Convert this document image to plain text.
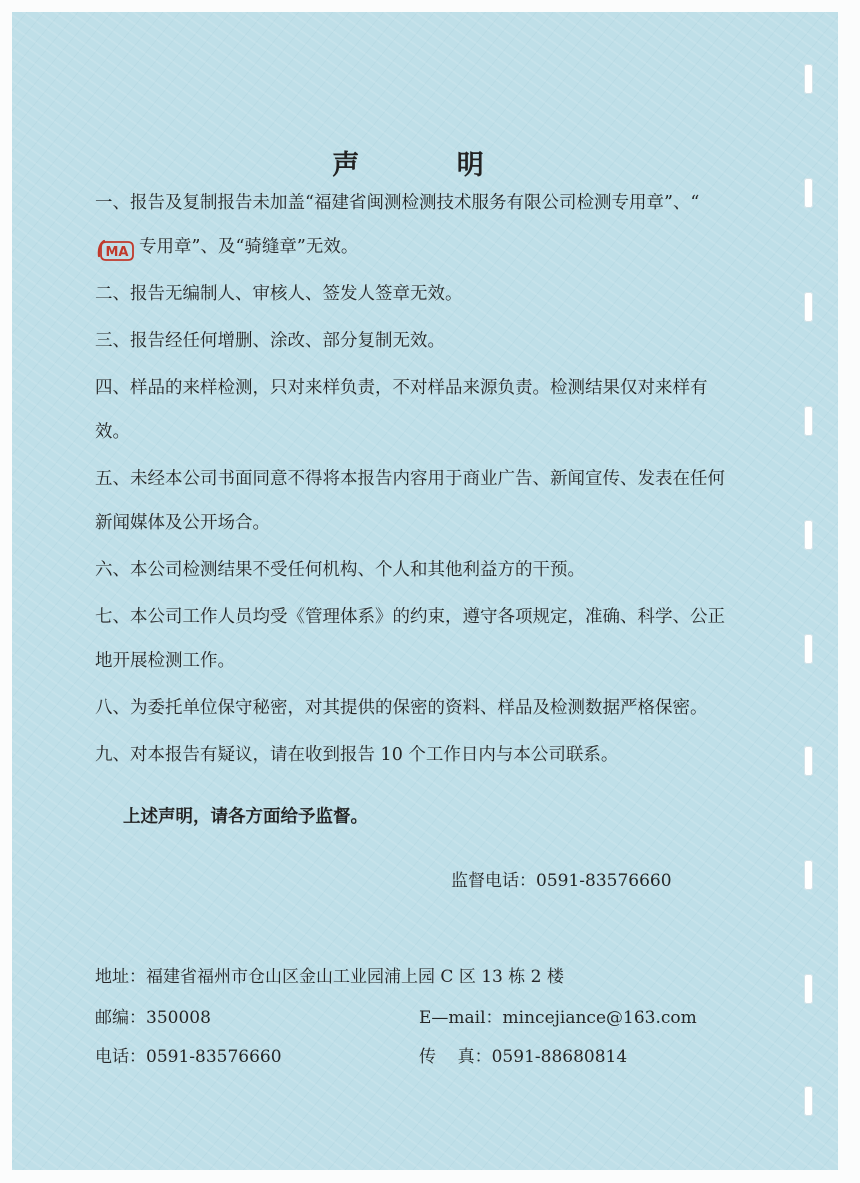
声 明

一、报告及复制报告未加盖“福建省闽测检测技术服务有限公司检测专用章”、“
MA 专用章”、及“骑缝章”无效。

二、报告无编制人、审核人、签发人签章无效。

三、报告经任何增删、涂改、部分复制无效。

四、样品的来样检测，只对来样负责，不对样品来源负责。检测结果仅对来样有效。

五、未经本公司书面同意不得将本报告内容用于商业广告、新闻宣传、发表在任何新闻媒体及公开场合。

六、本公司检测结果不受任何机构、个人和其他利益方的干预。

七、本公司工作人员均受《管理体系》的约束，遵守各项规定，准确、科学、公正地开展检测工作。

八、为委托单位保守秘密，对其提供的保密的资料、样品及检测数据严格保密。

九、对本报告有疑议，请在收到报告 10 个工作日内与本公司联系。

上述声明，请各方面给予监督。
监督电话：0591-83576660
地址：福建省福州市仓山区金山工业园浦上园 C 区 13 栋 2 楼
邮编：350008	E—mail：mincejiance@163.com
电话：0591-83576660	传    真：0591-88680814
